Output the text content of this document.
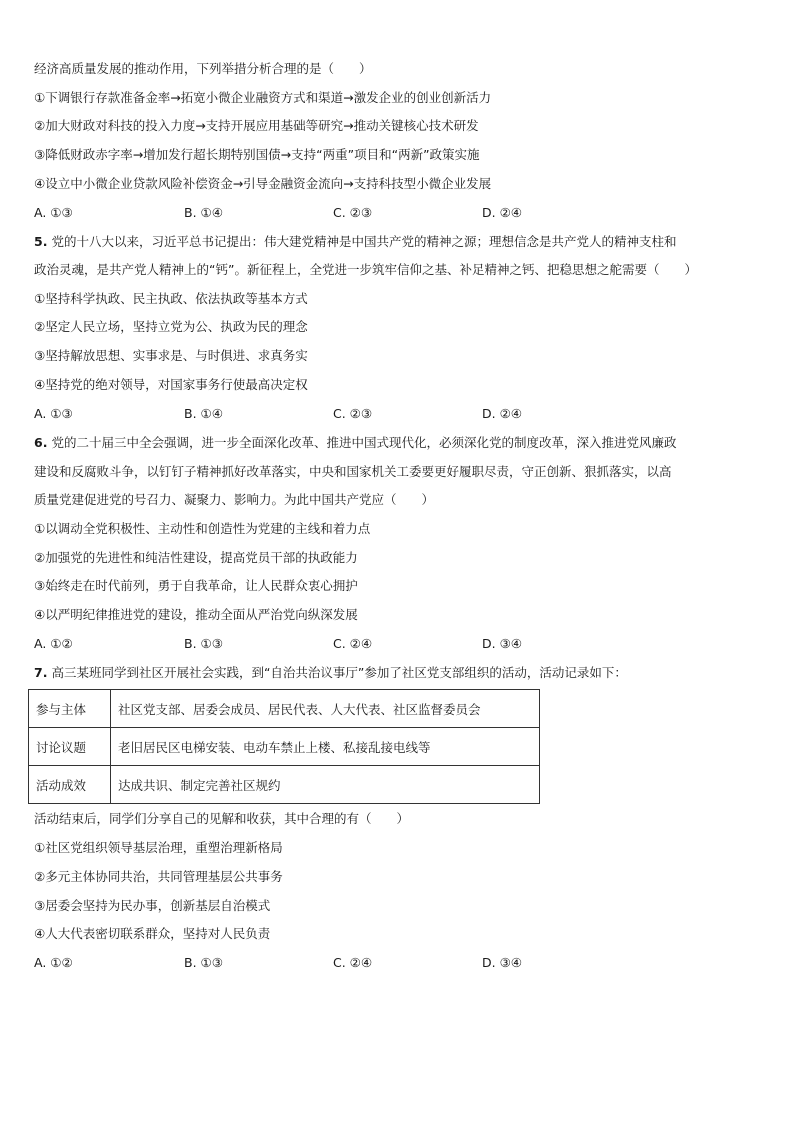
经济高质量发展的推动作用，下列举措分析合理的是（　　）
①下调银行存款准备金率→拓宽小微企业融资方式和渠道→激发企业的创业创新活力
②加大财政对科技的投入力度→支持开展应用基础等研究→推动关键核心技术研发
③降低财政赤字率→增加发行超长期特别国债→支持“两重”项目和“两新”政策实施
④设立中小微企业贷款风险补偿资金→引导金融资金流向→支持科技型小微企业发展
A. ①③	B. ①④	C. ②③	D. ②④
5. 党的十八大以来，习近平总书记提出：伟大建党精神是中国共产党的精神之源；理想信念是共产党人的精神支柱和
政治灵魂，是共产党人精神上的“钙”。新征程上，全党进一步筑牢信仰之基、补足精神之钙、把稳思想之舵需要（　　）
①坚持科学执政、民主执政、依法执政等基本方式
②坚定人民立场，坚持立党为公、执政为民的理念
③坚持解放思想、实事求是、与时俱进、求真务实
④坚持党的绝对领导，对国家事务行使最高决定权
A. ①③	B. ①④	C. ②③	D. ②④
6. 党的二十届三中全会强调，进一步全面深化改革、推进中国式现代化，必须深化党的制度改革，深入推进党风廉政
建设和反腐败斗争，以钉钉子精神抓好改革落实，中央和国家机关工委要更好履职尽责，守正创新、狠抓落实，以高
质量党建促进党的号召力、凝聚力、影响力。为此中国共产党应（　　）
①以调动全党积极性、主动性和创造性为党建的主线和着力点
②加强党的先进性和纯洁性建设，提高党员干部的执政能力
③始终走在时代前列，勇于自我革命，让人民群众衷心拥护
④以严明纪律推进党的建设，推动全面从严治党向纵深发展
A. ①②	B. ①③	C. ②④	D. ③④
7. 高三某班同学到社区开展社会实践，到“自治共治议事厅”参加了社区党支部组织的活动，活动记录如下：
参与主体	社区党支部、居委会成员、居民代表、人大代表、社区监督委员会
讨论议题	老旧居民区电梯安装、电动车禁止上楼、私接乱接电线等
活动成效	达成共识、制定完善社区规约
活动结束后，同学们分享自己的见解和收获，其中合理的有（　　）
①社区党组织领导基层治理，重塑治理新格局
②多元主体协同共治，共同管理基层公共事务
③居委会坚持为民办事，创新基层自治模式
④人大代表密切联系群众，坚持对人民负责
A. ①②	B. ①③	C. ②④	D. ③④
